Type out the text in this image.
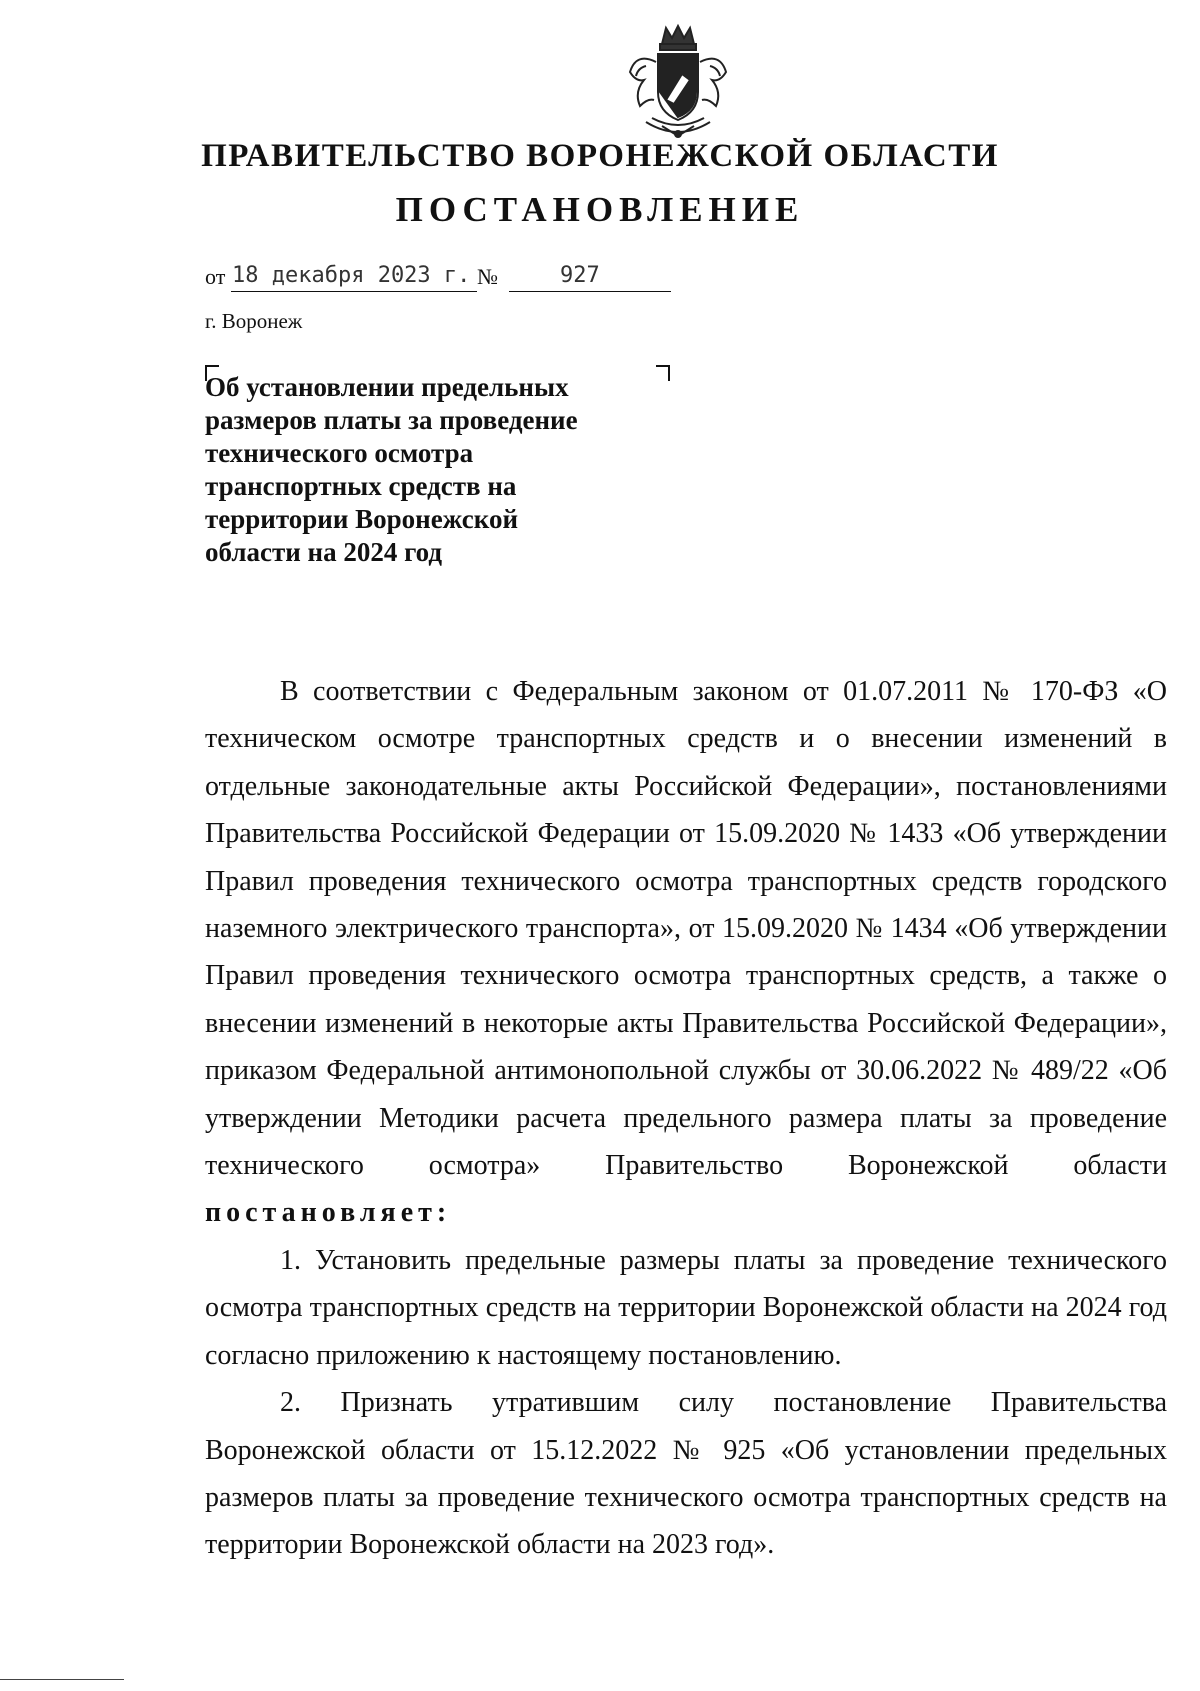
ПРАВИТЕЛЬСТВО ВОРОНЕЖСКОЙ ОБЛАСТИ
ПОСТАНОВЛЕНИЕ
от 18 декабря 2023 г. №	927
г. Воронеж
Об установлении предельных
размеров платы за проведение
технического осмотра
транспортных средств на
территории Воронежской
области на 2024 год

В соответствии с Федеральным законом от 01.07.2011 № 170-ФЗ «О техническом осмотре транспортных средств и о внесении изменений в отдельные законодательные акты Российской Федерации», постановлениями Правительства Российской Федерации от 15.09.2020 № 1433 «Об утверждении Правил проведения технического осмотра транспортных средств городского наземного электрического транспорта», от 15.09.2020 № 1434 «Об утверждении Правил проведения технического осмотра транспортных средств, а также о внесении изменений в некоторые акты Правительства Российской Федерации», приказом Федеральной антимонопольной службы от 30.06.2022 № 489/22 «Об утверждении Методики расчета предельного размера платы за проведение технического осмотра» Правительство Воронежской области постановляет:

1. Установить предельные размеры платы за проведение технического осмотра транспортных средств на территории Воронежской области на 2024 год согласно приложению к настоящему постановлению.

2. Признать утратившим силу постановление Правительства Воронежской области от 15.12.2022 № 925 «Об установлении предельных размеров платы за проведение технического осмотра транспортных средств на территории Воронежской области на 2023 год».
